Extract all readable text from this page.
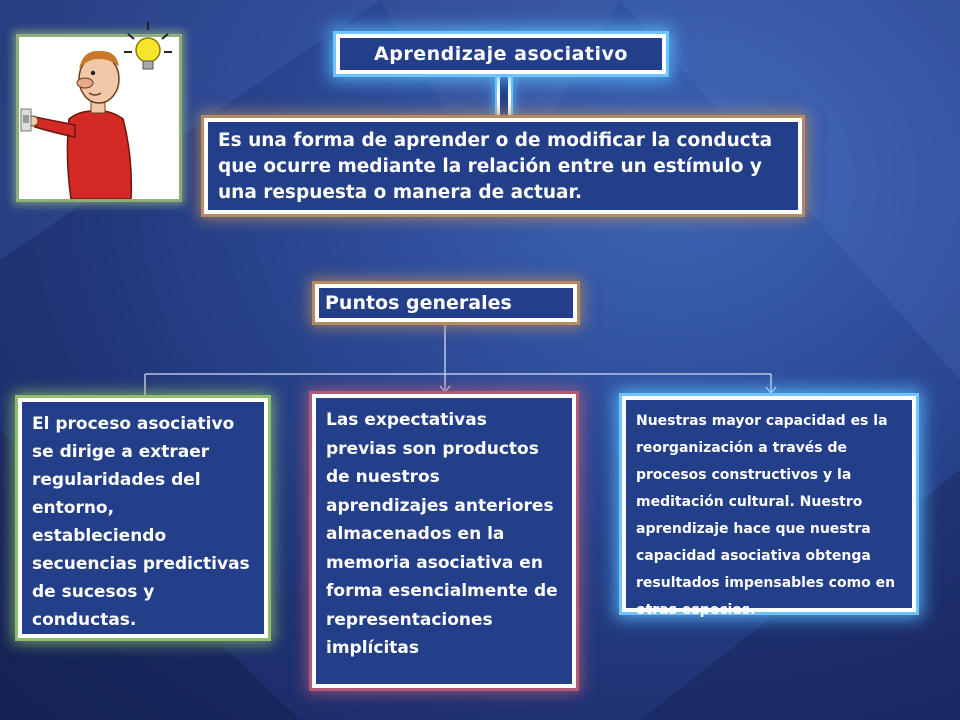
Aprendizaje asociativo
Es una forma de aprender o de modificar la conducta que ocurre mediante la relación entre un estímulo y una respuesta o manera de actuar.
Puntos generales
El proceso asociativo se dirige a extraer regularidades del entorno, estableciendo secuencias predictivas de sucesos y conductas.
Las expectativas previas son productos de nuestros aprendizajes anteriores almacenados en la memoria asociativa en forma esencialmente de representaciones implícitas
Nuestras mayor capacidad es la reorganización a través de procesos constructivos y la meditación cultural. Nuestro aprendizaje hace que nuestra capacidad asociativa obtenga resultados impensables como en otras especies.
